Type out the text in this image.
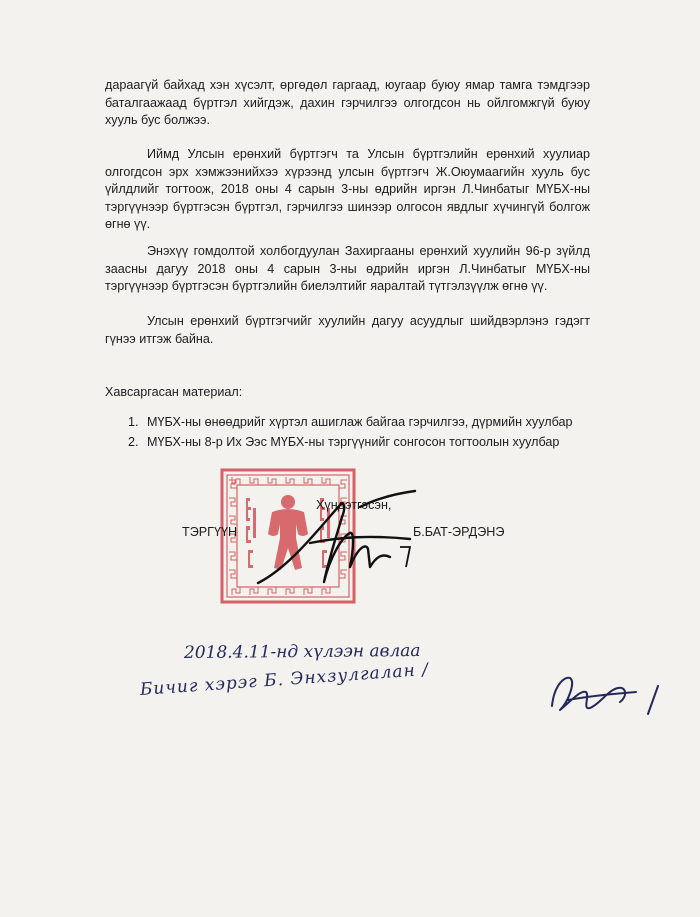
дараагүй байхад хэн хүсэлт, өргөдөл гаргаад, юугаар буюу ямар тамга тэмдгээр баталгаажаад бүртгэл хийгдэж, дахин гэрчилгээ олгогдсон нь ойлгомжгүй буюу хууль бус болжээ.

Иймд Улсын ерөнхий бүртгэгч та Улсын бүртгэлийн ерөнхий хуулиар олгогдсон эрх хэмжээнийхээ хүрээнд улсын бүртгэгч Ж.Оюумаагийн хууль бус үйлдлийг тогтоож, 2018 оны 4 сарын 3-ны өдрийн иргэн Л.Чинбатыг МҮБХ-ны тэргүүнээр бүртгэсэн бүртгэл, гэрчилгээ шинээр олгосон явдлыг хүчингүй болгож өгнө үү.

Энэхүү гомдолтой холбогдуулан Захиргааны ерөнхий хуулийн 96-р зүйлд заасны дагуу 2018 оны 4 сарын 3-ны өдрийн иргэн Л.Чинбатыг МҮБХ-ны тэргүүнээр бүртгэсэн бүртгэлийн биелэлтийг яаралтай түтгэлзүүлж өгнө үү.

Улсын ерөнхий бүртгэгчийг хуулийн дагуу асуудлыг шийдвэрлэнэ гэдэгт гүнээ итгэж байна.

Хавсаргасан материал:

1. МҮБХ-ны өнөөдрийг хүртэл ашиглаж байгаа гэрчилгээ, дүрмийн хуулбар
2. МҮБХ-ны 8-р Их Ээс МҮБХ-ны тэргүүнийг сонгосон тогтоолын хуулбар
Хүндэтгэсэн,
ТЭРГҮҮН	Б.БАТ-ЭРДЭНЭ
2018.4.11-нд хүлээн авлаа
Бичиг хэрэг Б. Энхзулгалан /
